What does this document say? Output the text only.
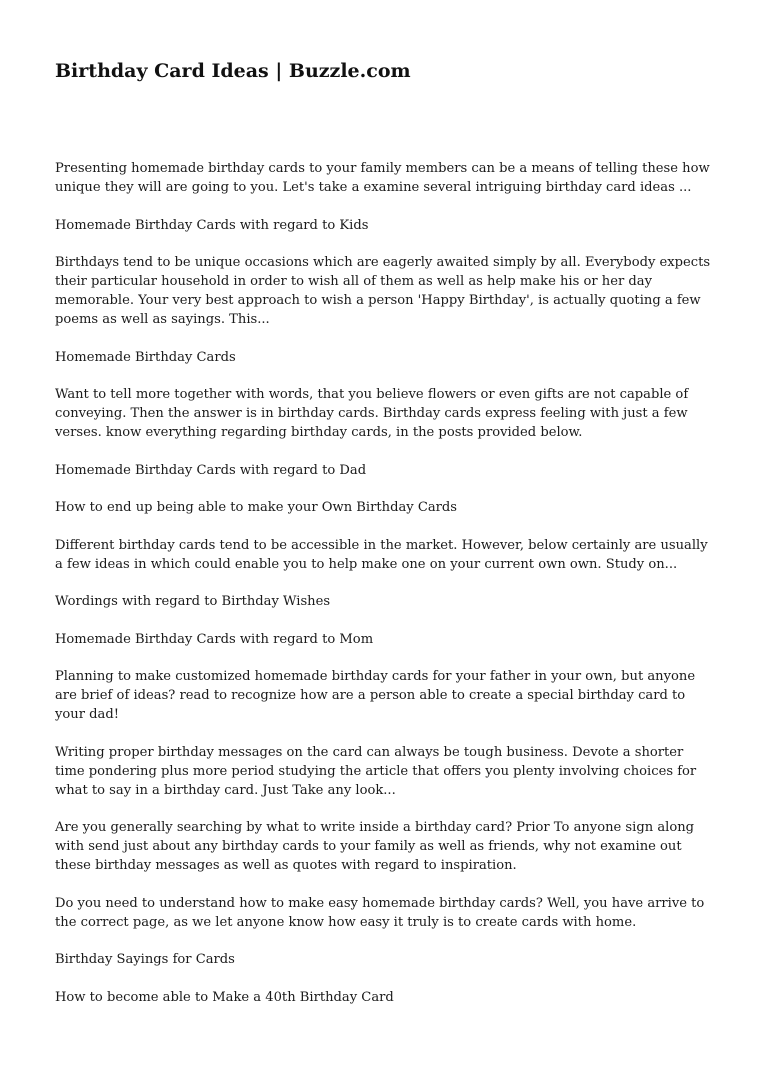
Birthday Card Ideas | Buzzle.com

Presenting homemade birthday cards to your family members can be a means of telling these how unique they will are going to you. Let's take a examine several intriguing birthday card ideas ...

Homemade Birthday Cards with regard to Kids

Birthdays tend to be unique occasions which are eagerly awaited simply by all. Everybody expects their particular household in order to wish all of them as well as help make his or her day memorable. Your very best approach to wish a person 'Happy Birthday', is actually quoting a few poems as well as sayings. This...

Homemade Birthday Cards

Want to tell more together with words, that you believe flowers or even gifts are not capable of conveying. Then the answer is in birthday cards. Birthday cards express feeling with just a few verses. know everything regarding birthday cards, in the posts provided below.

Homemade Birthday Cards with regard to Dad

How to end up being able to make your Own Birthday Cards

Different birthday cards tend to be accessible in the market. However, below certainly are usually a few ideas in which could enable you to help make one on your current own own. Study on...

Wordings with regard to Birthday Wishes

Homemade Birthday Cards with regard to Mom

Planning to make customized homemade birthday cards for your father in your own, but anyone are brief of ideas? read to recognize how are a person able to create a special birthday card to your dad!

Writing proper birthday messages on the card can always be tough business. Devote a shorter time pondering plus more period studying the article that offers you plenty involving choices for what to say in a birthday card. Just Take any look...

Are you generally searching by what to write inside a birthday card? Prior To anyone sign along with send just about any birthday cards to your family as well as friends, why not examine out these birthday messages as well as quotes with regard to inspiration.

Do you need to understand how to make easy homemade birthday cards? Well, you have arrive to the correct page, as we let anyone know how easy it truly is to create cards with home.

Birthday Sayings for Cards

How to become able to Make a 40th Birthday Card
